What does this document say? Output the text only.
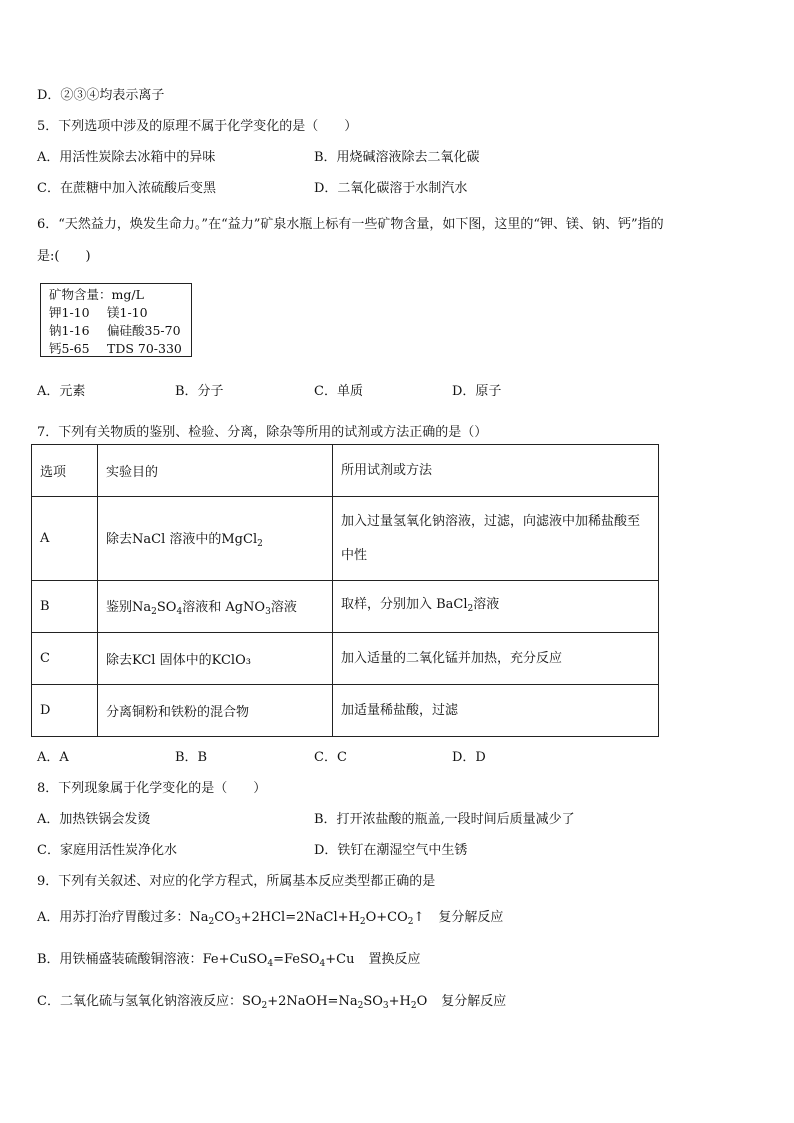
D．②③④均表示离子
5．下列选项中涉及的原理不属于化学变化的是（　　）
A．用活性炭除去冰箱中的异味	B．用烧碱溶液除去二氧化碳
C．在蔗糖中加入浓硫酸后变黑	D．二氧化碳溶于水制汽水
6．“天然益力，焕发生命力。”在“益力”矿泉水瓶上标有一些矿物含量，如下图，这里的“钾、镁、钠、钙”指的
是:(　　)
矿物含量：mg/L
钾1-10 镁1-10
钠1-16 偏硅酸35-70
钙5-65 TDS 70-330
A．元素	B．分子	C．单质	D．原子
7．下列有关物质的鉴别、检验、分离，除杂等所用的试剂或方法正确的是（）
选项	实验目的	所用试剂或方法
A	除去NaCl 溶液中的MgCl$_2$	加入过量氢氧化钠溶液，过滤，向滤液中加稀盐酸至中性
B	鉴别$Na_2SO_4$溶液和 AgNO$_3$溶液	取样，分别加入 BaCl$_2$溶液
C	除去KCl 固体中的KClO₃	加入适量的二氧化锰并加热，充分反应
D	分离铜粉和铁粉的混合物	加适量稀盐酸，过滤
A．A	B．B	C．C	D．D
8．下列现象属于化学变化的是（　　）
A．加热铁锅会发烫	B．打开浓盐酸的瓶盖,一段时间后质量减少了
C．家庭用活性炭净化水	D．铁钉在潮湿空气中生锈
9．下列有关叙述、对应的化学方程式，所属基本反应类型都正确的是
A．用苏打治疗胃酸过多：$Na_2CO_3+2HCl=2NaCl+H_2O+CO_2↑$ 复分解反应
B．用铁桶盛装硫酸铜溶液：Fe+CuSO$_4$=FeSO$_4$+Cu 置换反应
C．二氧化硫与氢氧化钠溶液反应：$SO_2+2NaOH=Na_2SO_3+H_2O$ 复分解反应
